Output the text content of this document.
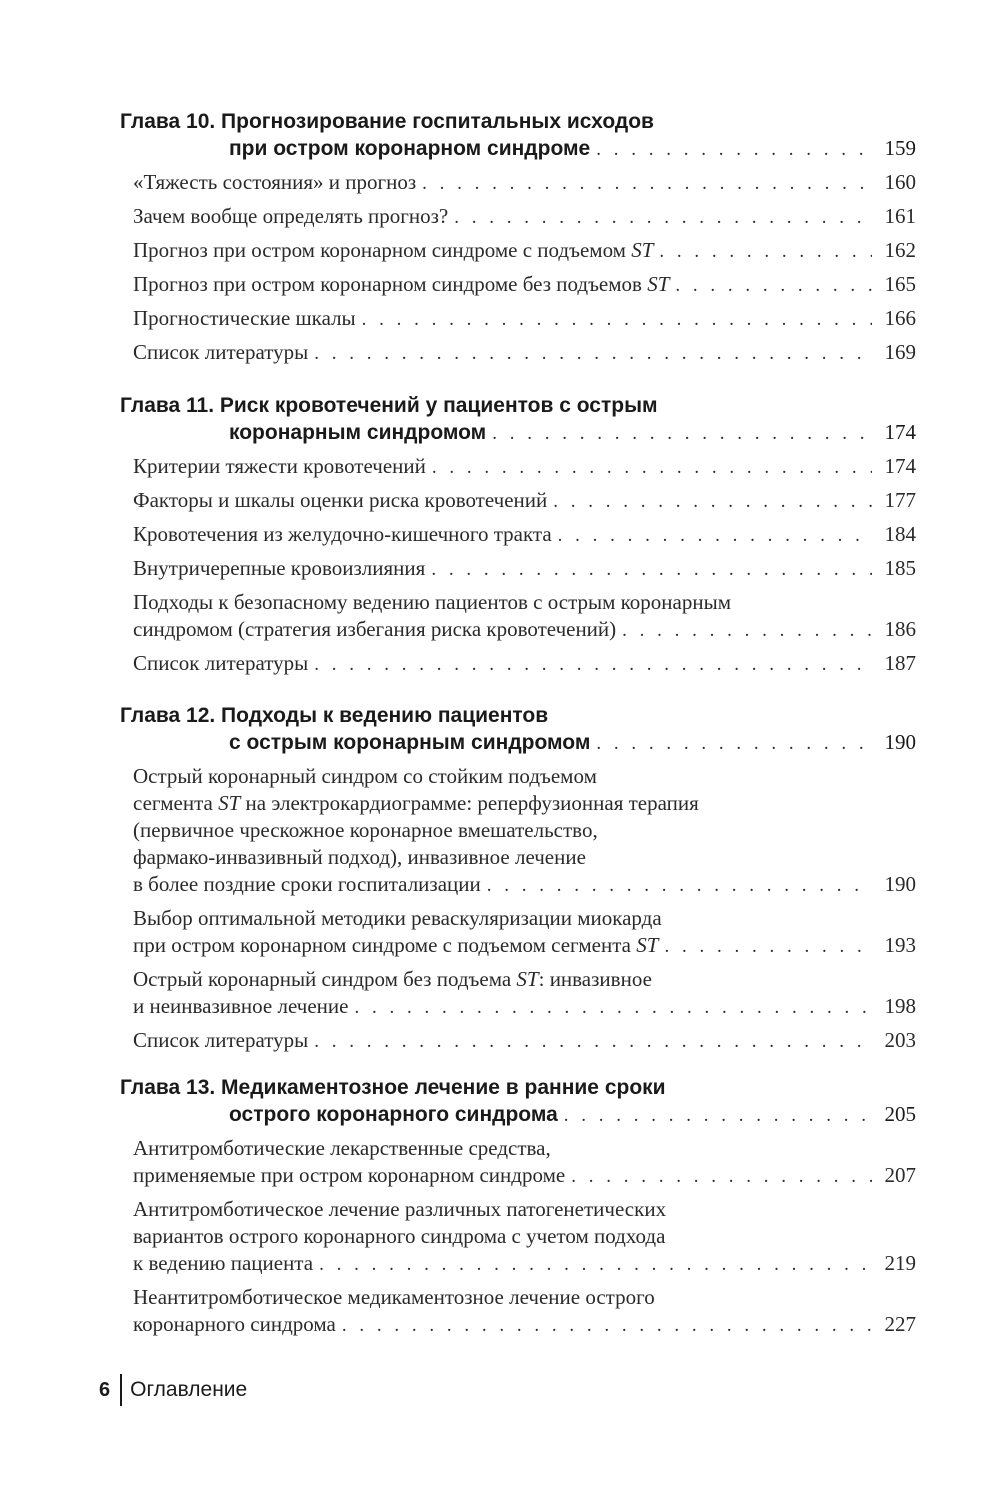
Глава 10. Прогнозирование госпитальных исходов
при остром коронарном синдроме . . .	159
«Тяжесть состояния» и прогноз . . .	160
Зачем вообще определять прогноз? . . .	161
Прогноз при остром коронарном синдроме с подъемом ST . . .	162
Прогноз при остром коронарном синдроме без подъемов ST . . .	165
Прогностические шкалы . . .	166
Список литературы . . .	169
Глава 11. Риск кровотечений у пациентов с острым
коронарным синдромом . . .	174
Критерии тяжести кровотечений . . .	174
Факторы и шкалы оценки риска кровотечений . . .	177
Кровотечения из желудочно-кишечного тракта . . .	184
Внутричерепные кровоизлияния . . .	185
Подходы к безопасному ведению пациентов с острым коронарным
синдромом (стратегия избегания риска кровотечений) . . .	186
Список литературы . . .	187
Глава 12. Подходы к ведению пациентов
с острым коронарным синдромом . . .	190
Острый коронарный синдром со стойким подъемом
сегмента ST на электрокардиограмме: реперфузионная терапия
(первичное чрескожное коронарное вмешательство,
фармако-инвазивный подход), инвазивное лечение
в более поздние сроки госпитализации . . .	190
Выбор оптимальной методики реваскуляризации миокарда
при остром коронарном синдроме с подъемом сегмента ST . . .	193
Острый коронарный синдром без подъема ST: инвазивное
и неинвазивное лечение . . .	198
Список литературы . . .	203
Глава 13. Медикаментозное лечение в ранние сроки
острого коронарного синдрома . . .	205
Антитромботические лекарственные средства,
применяемые при остром коронарном синдроме . . .	207
Антитромботическое лечение различных патогенетических
вариантов острого коронарного синдрома с учетом подхода
к ведению пациента . . .	219
Неантитромботическое медикаментозное лечение острого
коронарного синдрома . . .	227
6 Оглавление
